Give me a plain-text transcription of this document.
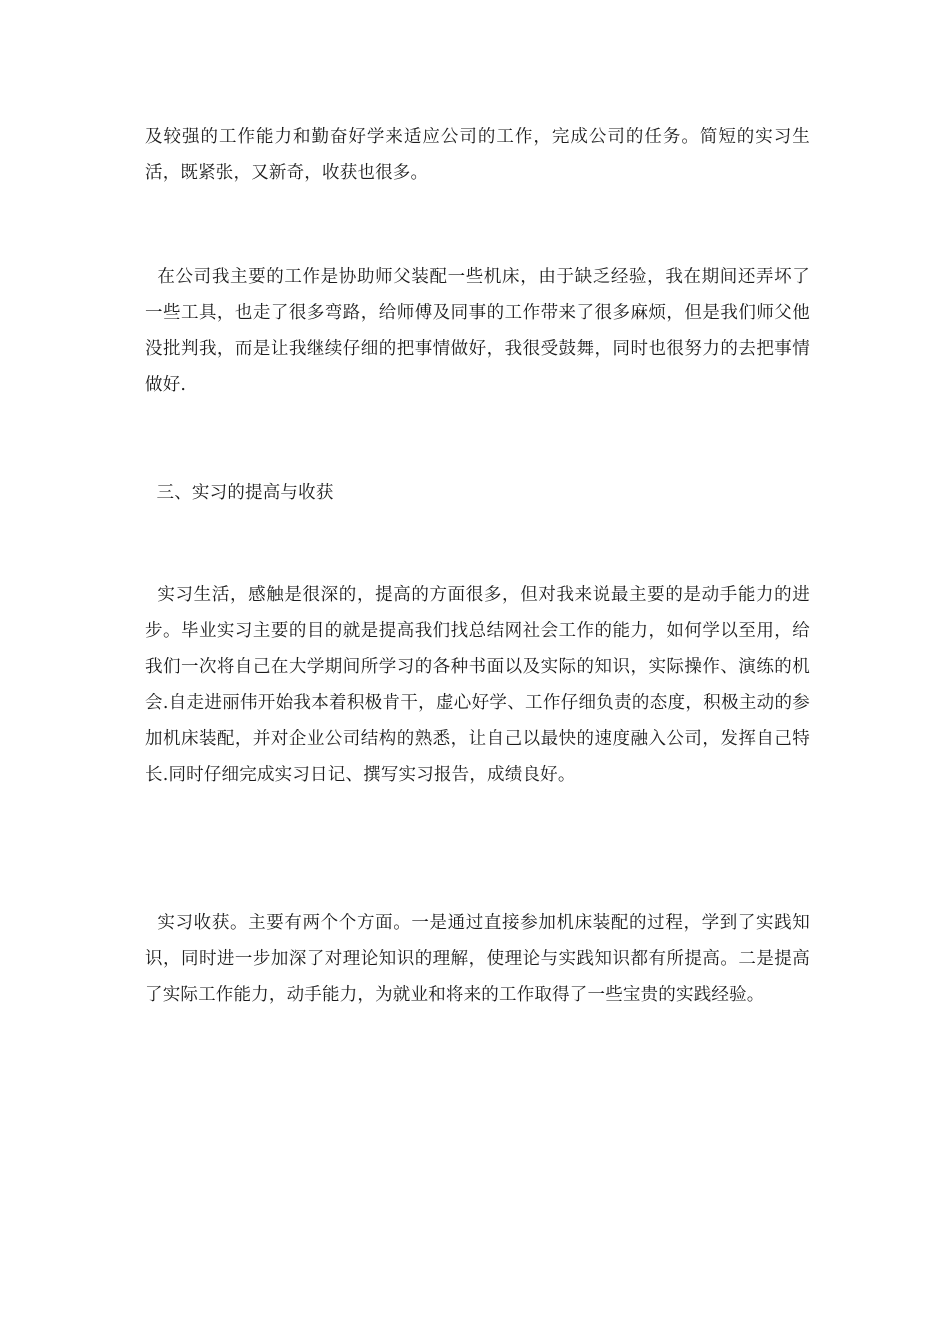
及较强的工作能力和勤奋好学来适应公司的工作，完成公司的任务。简短的实习生活，既紧张，又新奇，收获也很多。

在公司我主要的工作是协助师父装配一些机床，由于缺乏经验，我在期间还弄坏了一些工具，也走了很多弯路，给师傅及同事的工作带来了很多麻烦，但是我们师父他没批判我，而是让我继续仔细的把事情做好，我很受鼓舞，同时也很努力的去把事情做好.

三、实习的提高与收获

实习生活，感触是很深的，提高的方面很多，但对我来说最主要的是动手能力的进步。毕业实习主要的目的就是提高我们找总结网社会工作的能力，如何学以至用，给我们一次将自己在大学期间所学习的各种书面以及实际的知识，实际操作、演练的机会.自走进丽伟开始我本着积极肯干，虚心好学、工作仔细负责的态度，积极主动的参加机床装配，并对企业公司结构的熟悉，让自己以最快的速度融入公司，发挥自己特长.同时仔细完成实习日记、撰写实习报告，成绩良好。

实习收获。主要有两个个方面。一是通过直接参加机床装配的过程，学到了实践知识，同时进一步加深了对理论知识的理解，使理论与实践知识都有所提高。二是提高了实际工作能力，动手能力，为就业和将来的工作取得了一些宝贵的实践经验。
